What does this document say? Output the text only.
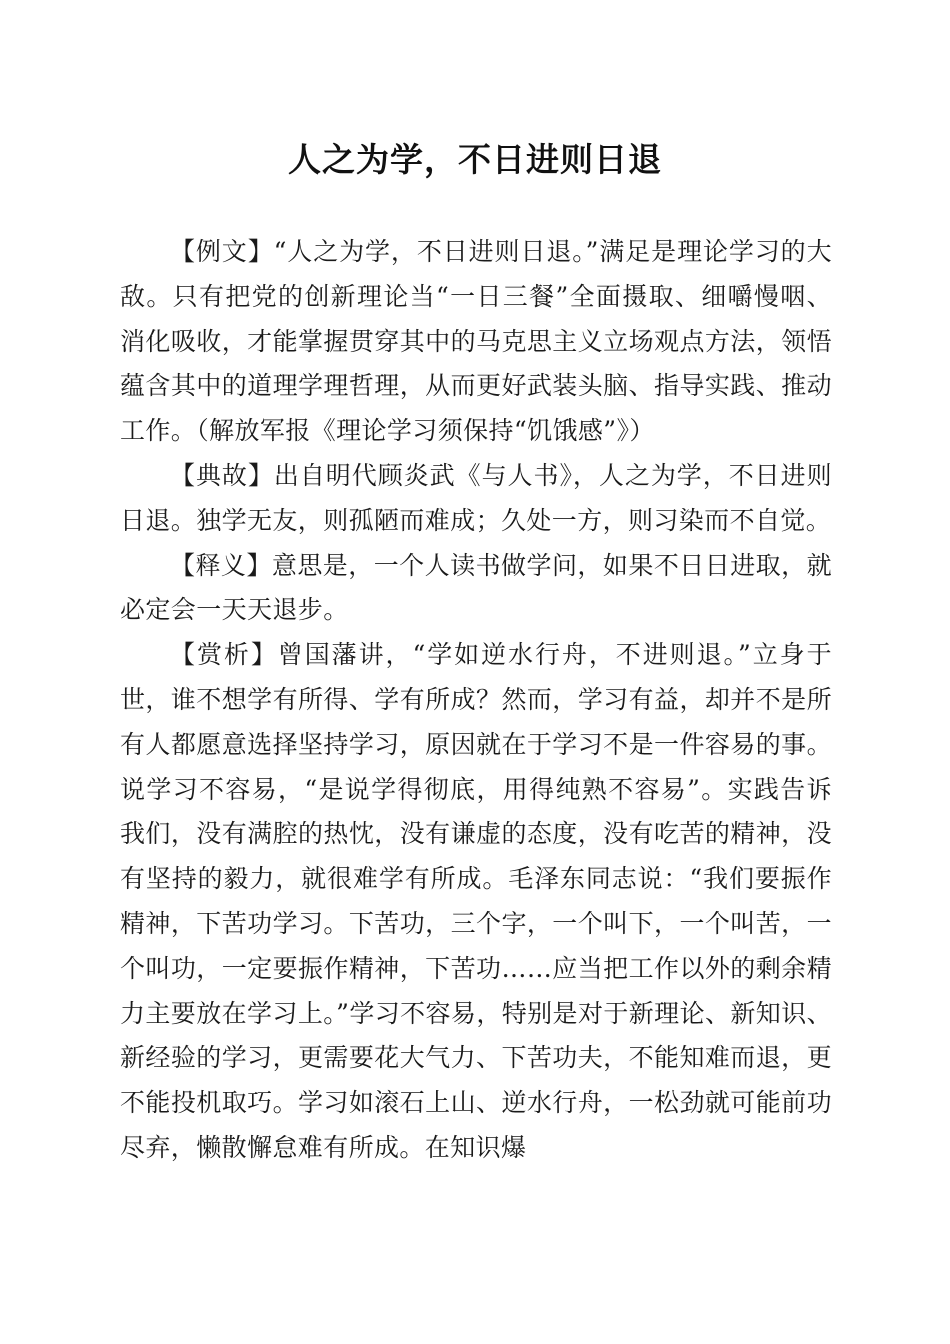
人之为学，不日进则日退

【例文】“人之为学，不日进则日退。”满足是理论学习的大敌。只有把党的创新理论当“一日三餐”全面摄取、细嚼慢咽、消化吸收，才能掌握贯穿其中的马克思主义立场观点方法，领悟蕴含其中的道理学理哲理，从而更好武装头脑、指导实践、推动工作。（解放军报《理论学习须保持“饥饿感”》）

【典故】出自明代顾炎武《与人书》，人之为学，不日进则日退。独学无友，则孤陋而难成；久处一方，则习染而不自觉。

【释义】意思是，一个人读书做学问，如果不日日进取，就必定会一天天退步。

【赏析】曾国藩讲，“学如逆水行舟，不进则退。”立身于世，谁不想学有所得、学有所成？然而，学习有益，却并不是所有人都愿意选择坚持学习，原因就在于学习不是一件容易的事。说学习不容易，“是说学得彻底，用得纯熟不容易”。实践告诉我们，没有满腔的热忱，没有谦虚的态度，没有吃苦的精神，没有坚持的毅力，就很难学有所成。毛泽东同志说：“我们要振作精神，下苦功学习。下苦功，三个字，一个叫下，一个叫苦，一个叫功，一定要振作精神，下苦功……应当把工作以外的剩余精力主要放在学习上。”学习不容易，特别是对于新理论、新知识、新经验的学习，更需要花大气力、下苦功夫，不能知难而退，更不能投机取巧。学习如滚石上山、逆水行舟，一松劲就可能前功尽弃，懒散懈怠难有所成。在知识爆
